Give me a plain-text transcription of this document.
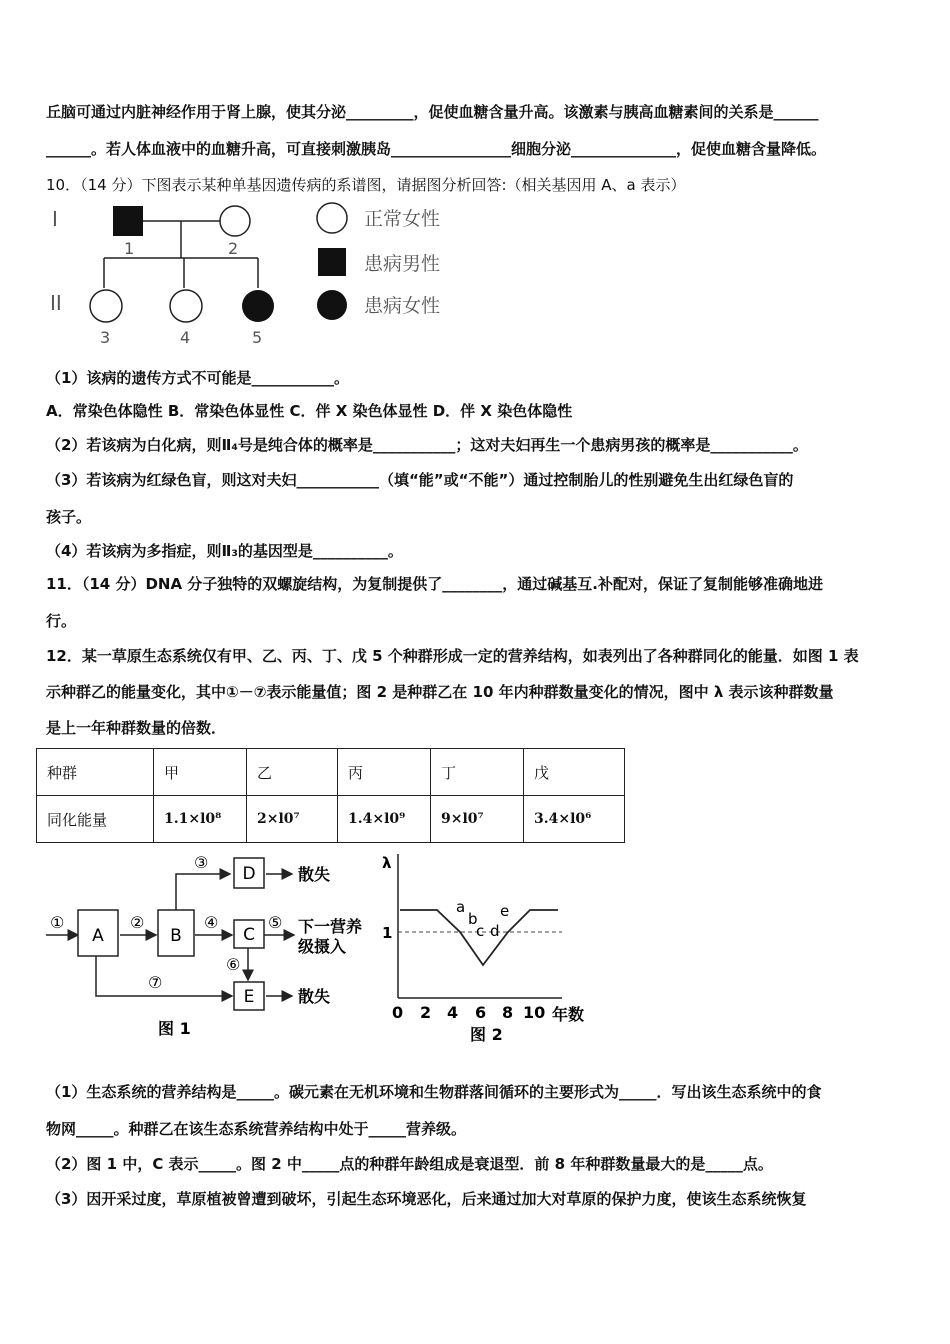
丘脑可通过内脏神经作用于肾上腺，使其分泌_________，促使血糖含量升高。该激素与胰高血糖素间的关系是______
______。若人体血液中的血糖升高，可直接刺激胰岛________________细胞分泌______________，促使血糖含量降低。
10．（14 分）下图表示某种单基因遗传病的系谱图，请据图分析回答:（相关基因用 A、a 表示）
I
II
1	2
3	4	5
正常女性
患病男性
患病女性
（1）该病的遗传方式不可能是___________。
A．常染色体隐性 B．常染色体显性 C．伴 X 染色体显性 D．伴 X 染色体隐性
（2）若该病为白化病，则Ⅱ₄号是纯合体的概率是___________；这对夫妇再生一个患病男孩的概率是___________。
（3）若该病为红绿色盲，则这对夫妇___________（填“能”或“不能”）通过控制胎儿的性别避免生出红绿色盲的
孩子。
（4）若该病为多指症，则Ⅱ₃的基因型是__________。
11．（14 分）DNA 分子独特的双螺旋结构，为复制提供了________，通过碱基互.补配对，保证了复制能够准确地进
行。
12．某一草原生态系统仅有甲、乙、丙、丁、戊 5 个种群形成一定的营养结构，如表列出了各种群同化的能量．如图 1 表
示种群乙的能量变化，其中①－⑦表示能量值；图 2 是种群乙在 10 年内种群数量变化的情况，图中 λ 表示该种群数量
是上一年种群数量的倍数．
种群	甲	乙	丙	丁	戊
同化能量	1.1×l0⁸	2×l0⁷	1.4×l0⁹	9×l0⁷	3.4×l0⁶
A	B	C
D
E
①	②
③
④	⑤
⑥
⑦
散失
下一营养
级摄入
散失
图 1
λ
1
a
b
c d
e
0 2 4 6 8 10 年数
图 2
（1）生态系统的营养结构是_____。碳元素在无机环境和生物群落间循环的主要形式为_____．写出该生态系统中的食
物网_____。种群乙在该生态系统营养结构中处于_____营养级。
（2）图 1 中，C 表示_____。图 2 中_____点的种群年龄组成是衰退型．前 8 年种群数量最大的是_____点。
（3）因开采过度，草原植被曾遭到破坏，引起生态环境恶化，后来通过加大对草原的保护力度，使该生态系统恢复
